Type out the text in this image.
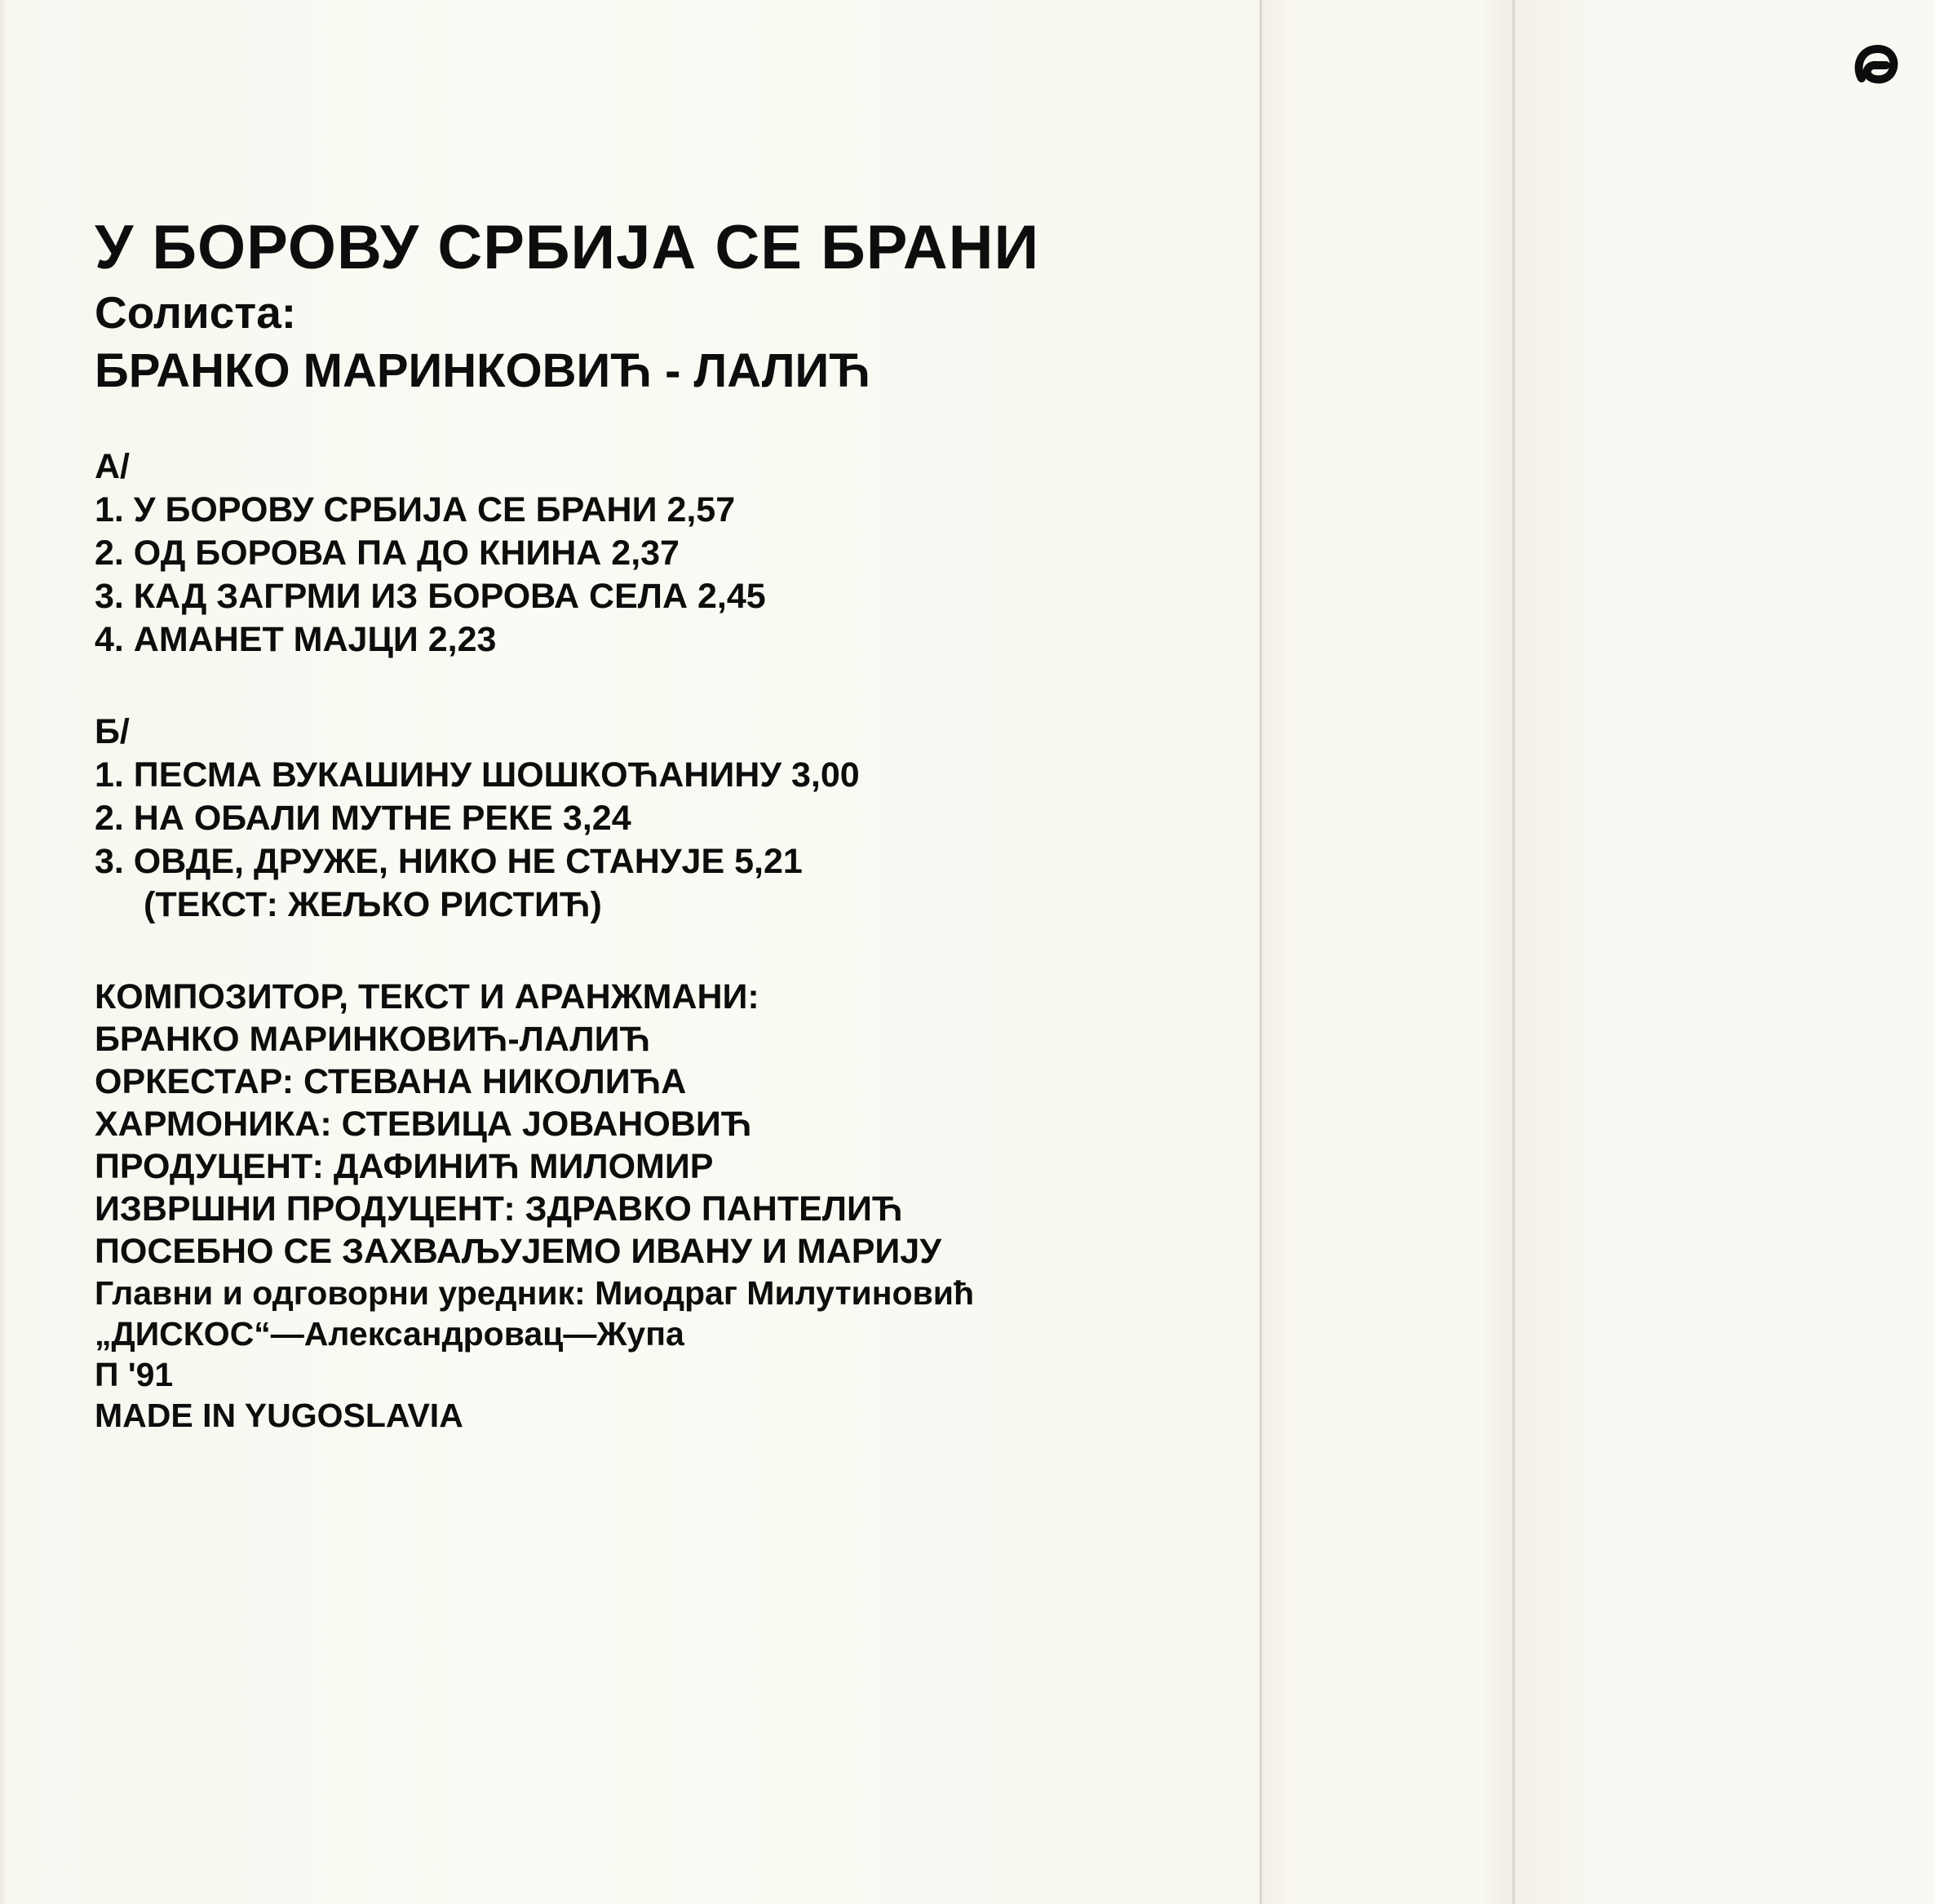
У БОРОВУ СРБИЈА СЕ БРАНИ
Солиста:
БРАНКО МАРИНКОВИЋ - ЛАЛИЋ
А/
1. У БОРОВУ СРБИЈА СЕ БРАНИ 2,57
2. ОД БОРОВА ПА ДО КНИНА 2,37
3. КАД ЗАГРМИ ИЗ БОРОВА СЕЛА 2,45
4. АМАНЕТ МАЈЦИ 2,23
Б/
1. ПЕСМА ВУКАШИНУ ШОШКОЋАНИНУ 3,00
2. НА ОБАЛИ МУТНЕ РЕКЕ 3,24
3. ОВДЕ, ДРУЖЕ, НИКО НЕ СТАНУЈЕ 5,21
(ТЕКСТ: ЖЕЉКО РИСТИЋ)
КОМПОЗИТОР, ТЕКСТ И АРАНЖМАНИ:
БРАНКО МАРИНКОВИЋ-ЛАЛИЋ
ОРКЕСТАР: СТЕВАНА НИКОЛИЋА
ХАРМОНИКА: СТЕВИЦА ЈОВАНОВИЋ
ПРОДУЦЕНТ: ДАФИНИЋ МИЛОМИР
ИЗВРШНИ ПРОДУЦЕНТ: ЗДРАВКО ПАНТЕЛИЋ
ПОСЕБНО СЕ ЗАХВАЉУЈЕМО ИВАНУ И МАРИЈУ
Главни и одговорни уредник: Миодраг Милутиновић
„ДИСКОС“—Александровац—Жупа
П '91
MADE IN YUGOSLAVIA
